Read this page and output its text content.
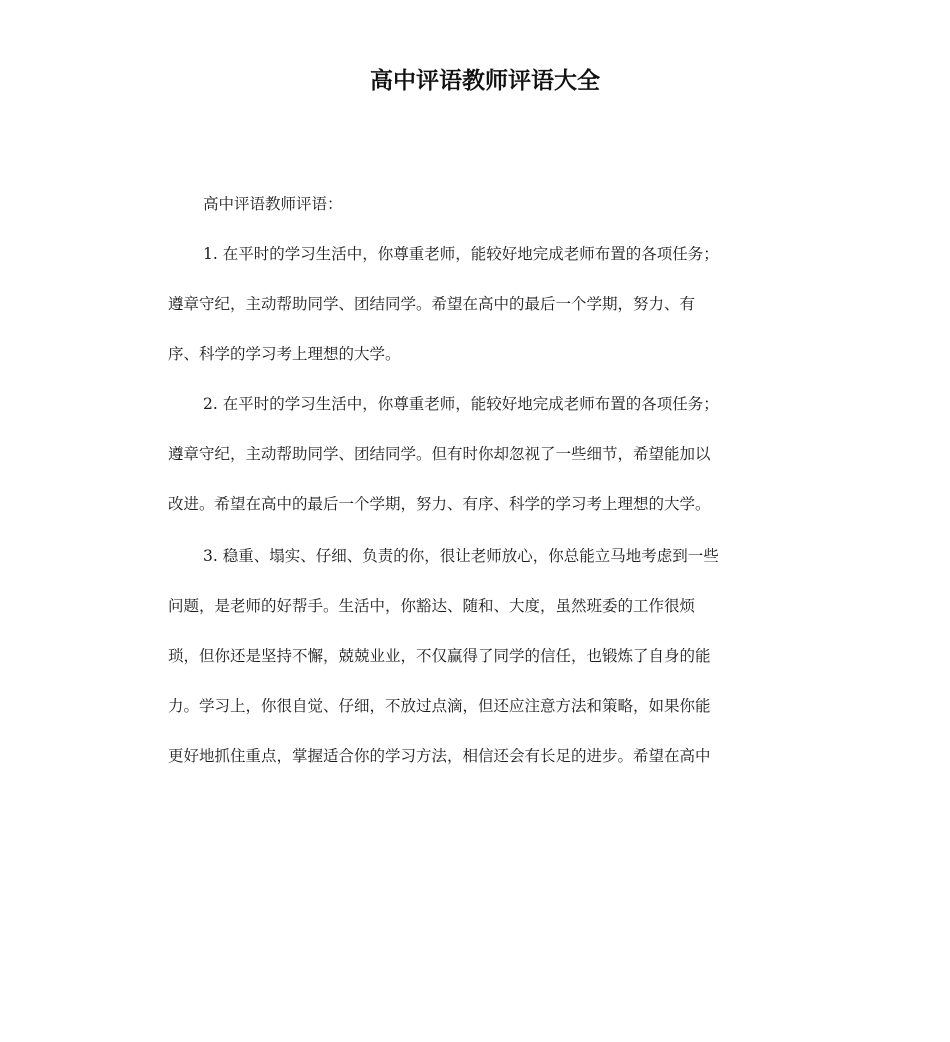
高中评语教师评语大全

高中评语教师评语：

1. 在平时的学习生活中，你尊重老师，能较好地完成老师布置的各项任务；

遵章守纪，主动帮助同学、团结同学。希望在高中的最后一个学期，努力、有

序、科学的学习考上理想的大学。

2. 在平时的学习生活中，你尊重老师，能较好地完成老师布置的各项任务；

遵章守纪，主动帮助同学、团结同学。但有时你却忽视了一些细节，希望能加以

改进。希望在高中的最后一个学期，努力、有序、科学的学习考上理想的大学。

3. 稳重、塌实、仔细、负责的你，很让老师放心，你总能立马地考虑到一些

问题，是老师的好帮手。生活中，你豁达、随和、大度，虽然班委的工作很烦

琐，但你还是坚持不懈，兢兢业业，不仅赢得了同学的信任，也锻炼了自身的能

力。学习上，你很自觉、仔细，不放过点滴，但还应注意方法和策略，如果你能

更好地抓住重点，掌握适合你的学习方法，相信还会有长足的进步。希望在高中
